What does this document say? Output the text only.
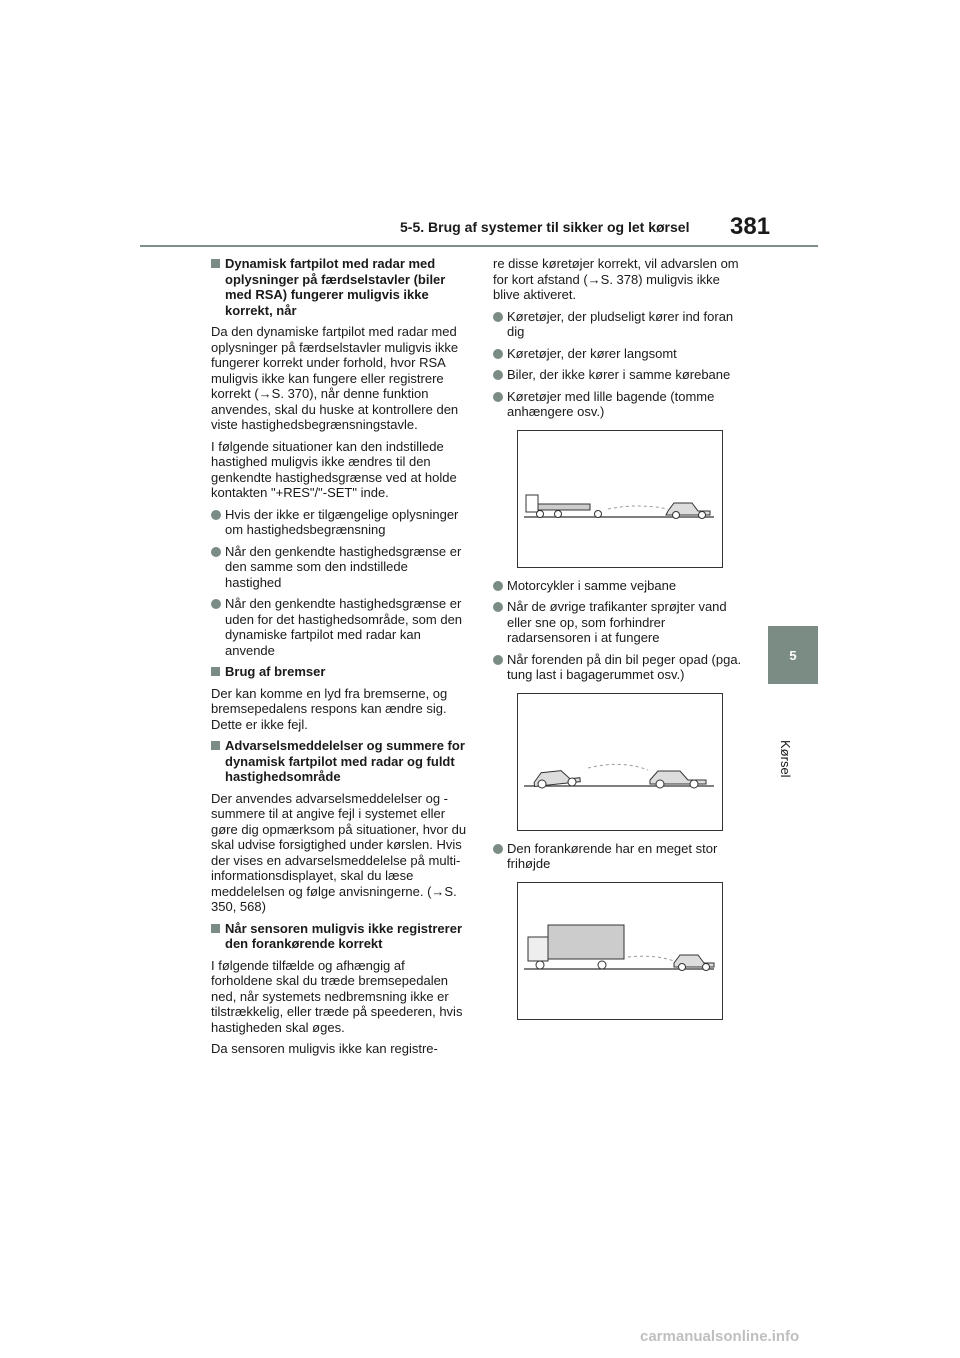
5-5. Brug af systemer til sikker og let kørsel 381
5
Kørsel
Dynamisk fartpilot med radar med oplysninger på færdselstavler (biler med RSA) fungerer muligvis ikke korrekt, når

Da den dynamiske fartpilot med radar med oplysninger på færdselstavler muligvis ikke fungerer korrekt under forhold, hvor RSA muligvis ikke kan fungere eller registrere korrekt (→S. 370), når denne funktion anvendes, skal du huske at kontrollere den viste hastighedsbegrænsningstavle.

I følgende situationer kan den indstillede hastighed muligvis ikke ændres til den genkendte hastighedsgrænse ved at holde kontakten "+RES"/"-SET" inde.

Hvis der ikke er tilgængelige oplysninger om hastighedsbegrænsning
Når den genkendte hastighedsgrænse er den samme som den indstillede hastighed
Når den genkendte hastighedsgrænse er uden for det hastighedsområde, som den dynamiske fartpilot med radar kan anvende
Brug af bremser

Der kan komme en lyd fra bremserne, og bremsepedalens respons kan ændre sig. Dette er ikke fejl.

Advarselsmeddelelser og summere for dynamisk fartpilot med radar og fuldt hastighedsområde

Der anvendes advarselsmeddelelser og -summere til at angive fejl i systemet eller gøre dig opmærksom på situationer, hvor du skal udvise forsigtighed under kørslen. Hvis der vises en advarselsmeddelelse på multi-informationsdisplayet, skal du læse meddelelsen og følge anvisningerne. (→S. 350, 568)

Når sensoren muligvis ikke registrerer den forankørende korrekt

I følgende tilfælde og afhængig af forholdene skal du træde bremsepedalen ned, når systemets nedbremsning ikke er tilstrækkelig, eller træde på speederen, hvis hastigheden skal øges.

Da sensoren muligvis ikke kan registre-

re disse køretøjer korrekt, vil advarslen om for kort afstand (→S. 378) muligvis ikke blive aktiveret.

Køretøjer, der pludseligt kører ind foran dig
Køretøjer, der kører langsomt
Biler, der ikke kører i samme kørebane
Køretøjer med lille bagende (tomme anhængere osv.)
Motorcykler i samme vejbane
Når de øvrige trafikanter sprøjter vand eller sne op, som forhindrer radarsensoren i at fungere
Når forenden på din bil peger opad (pga. tung last i bagagerummet osv.)
Den forankørende har en meget stor frihøjde
carmanualsonline.info
